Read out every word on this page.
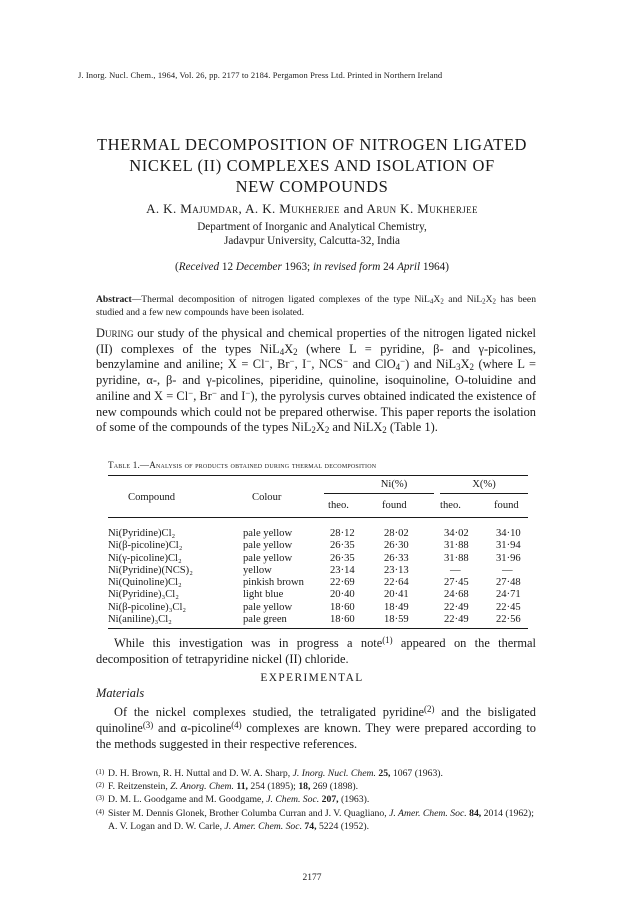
J. Inorg. Nucl. Chem., 1964, Vol. 26, pp. 2177 to 2184. Pergamon Press Ltd. Printed in Northern Ireland
THERMAL DECOMPOSITION OF NITROGEN LIGATED
NICKEL (II) COMPLEXES AND ISOLATION OF
NEW COMPOUNDS
A. K. Majumdar, A. K. Mukherjee and Arun K. Mukherjee
Department of Inorganic and Analytical Chemistry,
Jadavpur University, Calcutta-32, India
(Received 12 December 1963; in revised form 24 April 1964)
Abstract—Thermal decomposition of nitrogen ligated complexes of the type $NiL_4X_2$ and $NiL_2X_2$ has been studied and a few new compounds have been isolated.
During our study of the physical and chemical properties of the nitrogen ligated nickel (II) complexes of the types $NiL_4X_2$ (where L = pyridine, β- and γ-picolines, benzylamine and aniline; X = Cl−, Br−, I−, NCS− and ClO$_4$−) and $NiL_3X_2$ (where L = pyridine, α-, β- and γ-picolines, piperidine, quinoline, isoquinoline, O-toluidine and aniline and X = Cl−, Br− and I−), the pyrolysis curves obtained indicated the existence of new compounds which could not be prepared otherwise. This paper reports the isolation of some of the compounds of the types $NiL_2X_2$ and NiLX$_2$ (Table 1).
Table 1.—Analysis of products obtained during thermal decomposition
Ni(%)	X(%)
Compound	Colour
theo.	found	theo.	found
Ni(Pyridine)Cl₂	pale yellow	28·12	28·02	34·02	34·10
Ni(β-picoline)Cl₂	pale yellow	26·35	26·30	31·88	31·94
Ni(γ-picoline)Cl₂	pale yellow	26·35	26·33	31·88	31·96
Ni(Pyridine)(NCS)₂	yellow	23·14	23·13	—	—
Ni(Quinoline)Cl₂	pinkish brown	22·69	22·64	27·45	27·48
Ni(Pyridine)₃Cl₂	light blue	20·40	20·41	24·68	24·71
Ni(β-picoline)₃Cl₂	pale yellow	18·60	18·49	22·49	22·45
Ni(aniline)₃Cl₂	pale green	18·60	18·59	22·49	22·56
While this investigation was in progress a note$^{(1)}$ appeared on the thermal decomposition of tetrapyridine nickel (II) chloride.
EXPERIMENTAL
Materials
Of the nickel complexes studied, the tetraligated pyridine$^{(2)}$ and the bisligated quinoline$^{(3)}$ and α-picoline$^{(4)}$ complexes are known. They were prepared according to the methods suggested in their respective references.
(1) D. H. Brown, R. H. Nuttal and D. W. A. Sharp, J. Inorg. Nucl. Chem. 25, 1067 (1963).
(2) F. Reitzenstein, Z. Anorg. Chem. 11, 254 (1895); 18, 269 (1898).
(3) D. M. L. Goodgame and M. Goodgame, J. Chem. Soc. 207, (1963).
(4) Sister M. Dennis Glonek, Brother Columba Curran and J. V. Quagliano, J. Amer. Chem. Soc. 84, 2014 (1962); A. V. Logan and D. W. Carle, J. Amer. Chem. Soc. 74, 5224 (1952).
2177
